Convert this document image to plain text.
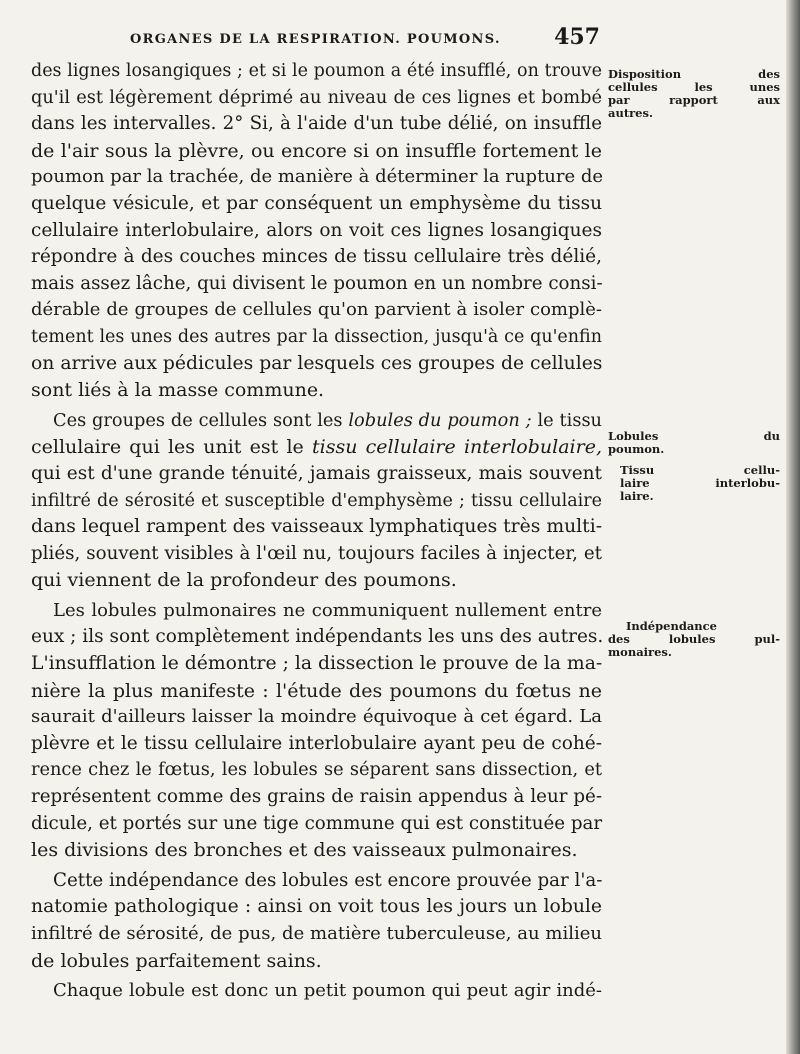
ORGANES DE LA RESPIRATION. POUMONS. 457
des lignes losangiques ; et si le poumon a été insufflé, on trouve
qu'il est légèrement déprimé au niveau de ces lignes et bombé
dans les intervalles. 2° Si, à l'aide d'un tube délié, on insuffle
de l'air sous la plèvre, ou encore si on insuffle fortement le
poumon par la trachée, de manière à déterminer la rupture de
quelque vésicule, et par conséquent un emphysème du tissu
cellulaire interlobulaire, alors on voit ces lignes losangiques
répondre à des couches minces de tissu cellulaire très délié,
mais assez lâche, qui divisent le poumon en un nombre consi-
dérable de groupes de cellules qu'on parvient à isoler complè-
tement les unes des autres par la dissection, jusqu'à ce qu'enfin
on arrive aux pédicules par lesquels ces groupes de cellules
sont liés à la masse commune.
Ces groupes de cellules sont les lobules du poumon ; le tissu
cellulaire qui les unit est le tissu cellulaire interlobulaire,
qui est d'une grande ténuité, jamais graisseux, mais souvent
infiltré de sérosité et susceptible d'emphysème ; tissu cellulaire
dans lequel rampent des vaisseaux lymphatiques très multi-
pliés, souvent visibles à l'œil nu, toujours faciles à injecter, et
qui viennent de la profondeur des poumons.
Les lobules pulmonaires ne communiquent nullement entre
eux ; ils sont complètement indépendants les uns des autres.
L'insufflation le démontre ; la dissection le prouve de la ma-
nière la plus manifeste : l'étude des poumons du fœtus ne
saurait d'ailleurs laisser la moindre équivoque à cet égard. La
plèvre et le tissu cellulaire interlobulaire ayant peu de cohé-
rence chez le fœtus, les lobules se séparent sans dissection, et
représentent comme des grains de raisin appendus à leur pé-
dicule, et portés sur une tige commune qui est constituée par
les divisions des bronches et des vaisseaux pulmonaires.
Cette indépendance des lobules est encore prouvée par l'a-
natomie pathologique : ainsi on voit tous les jours un lobule
infiltré de sérosité, de pus, de matière tuberculeuse, au milieu
de lobules parfaitement sains.
Chaque lobule est donc un petit poumon qui peut agir indé-
Disposition des
cellules les unes
par rapport aux
autres.
Lobules du
poumon.
Tissu cellu-
laire interlobu-
laire.
Indépendance
des lobules pul-
monaires.
